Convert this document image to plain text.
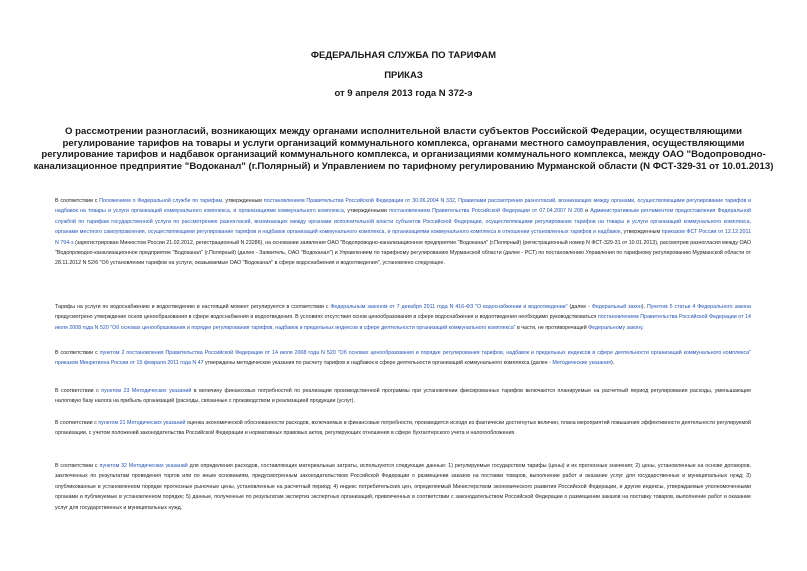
ФЕДЕРАЛЬНАЯ СЛУЖБА ПО ТАРИФАМ
ПРИКАЗ
от 9 апреля 2013 года N 372-э
О рассмотрении разногласий, возникающих между органами исполнительной власти субъектов Российской Федерации, осуществляющими регулирование тарифов на товары и услуги организаций коммунального комплекса, органами местного самоуправления, осуществляющими регулирование тарифов и надбавок организаций коммунального комплекса, и организациями коммунального комплекса, между ОАО "Водопроводно-канализационное предприятие "Водоканал" (г.Полярный) и Управлением по тарифному регулированию Мурманской области (N ФСТ-329-31 от 10.01.2013)

В соответствии с Положением о Федеральной службе по тарифам, утвержденным постановлением Правительства Российской Федерации от 30.06.2004 N 332, Правилами рассмотрения разногласий, возникающих между органами, осуществляющими регулирование тарифов и надбавок на товары и услуги организаций коммунального комплекса, и организациями коммунального комплекса, утвержденными постановлением Правительства Российской Федерации от 07.04.2007 N 208 и Административным регламентом предоставления Федеральной службой по тарифам государственной услуги по рассмотрению разногласий, возникающих между органами исполнительной власти субъектов Российской Федерации, осуществляющими регулирование тарифов на товары и услуги организаций коммунального комплекса, органами местного самоуправления, осуществляющими регулирование тарифов и надбавок организаций коммунального комплекса, и организациями коммунального комплекса в отношении установленных тарифов и надбавок, утвержденным приказом ФСТ России от 12.12.2011 N 794-э (зарегистрирован Минюстом России 21.02.2012, регистрационный N 23286), на основании заявления ОАО "Водопроводно-канализационное предприятие "Водоканал" (г.Полярный) (регистрационный номер N ФСТ-329-31 от 10.01.2013), рассмотрев разногласия между ОАО "Водопроводно-канализационное предприятие "Водоканал" (г.Полярный) (далее - Заявитель, ОАО "Водоканал") и Управлением по тарифному регулированию Мурманской области (далее - РСТ) по постановлению Управления по тарифному регулированию Мурманской области от 28.11.2012 N 52/6 "Об установлении тарифов на услуги, оказываемые ОАО "Водоканал" в сфере водоснабжения и водоотведения", установлено следующее.

Тарифы на услуги по водоснабжению и водоотведению в настоящий момент регулируются в соответствии с Федеральным законом от 7 декабря 2011 года N 416-ФЗ "О водоснабжении и водоотведении" (далее - Федеральный закон). Пунктом 5 статьи 4 Федерального закона предусмотрено утверждение основ ценообразования в сфере водоснабжения и водоотведения. В условиях отсутствия основ ценообразования в сфере водоснабжения и водоотведения необходимо руководствоваться постановлением Правительства Российской Федерации от 14 июля 2008 года N 520 "Об основах ценообразования и порядке регулирования тарифов, надбавок и предельных индексов в сфере деятельности организаций коммунального комплекса" в части, не противоречащей Федеральному закону.

В соответствии с пунктом 2 постановления Правительства Российской Федерации от 14 июля 2008 года N 520 "Об основах ценообразования и порядке регулирования тарифов, надбавок и предельных индексов в сфере деятельности организаций коммунального комплекса" приказом Минрегиона России от 15 февраля 2011 года N 47 утверждены методические указания по расчету тарифов и надбавок в сфере деятельности организаций коммунального комплекса (далее - Методические указания).

В соответствии с пунктом 23 Методических указаний в величину финансовых потребностей по реализации производственной программы при установлении фиксированных тарифов включаются планируемые на расчетный период регулирования расходы, уменьшающие налоговую базу налога на прибыль организаций (расходы, связанные с производством и реализацией продукции (услуг).

В соответствии с пунктом 21 Методических указаний оценка экономической обоснованности расходов, включаемых в финансовые потребности, производится исходя из фактически достигнутых величин, плана мероприятий повышения эффективности деятельности регулируемой организации, с учетом положений законодательства Российской Федерации и нормативных правовых актов, регулирующих отношения в сфере бухгалтерского учета и налогообложения.

В соответствии с пунктом 32 Методических указаний для определения расходов, составляющих материальные затраты, используются следующие данные: 1) регулируемые государством тарифы (цены) и их прогнозные значения; 2) цены, установленные на основе договоров, заключенных по результатам проведения торгов или по иным основаниям, предусмотренным законодательством Российской Федерации о размещении заказов на поставки товаров, выполнение работ и оказание услуг для государственных и муниципальных нужд; 3) опубликованные в установленном порядке прогнозные рыночные цены, установленные на расчетный период; 4) индекс потребительских цен, определяемый Министерством экономического развития Российской Федерации, и другие индексы, утверждаемые уполномоченными органами и публикуемые в установленном порядке; 5) данные, полученные по результатам экспертиз экспертных организаций, привлеченных в соответствии с законодательством Российской Федерации о размещении заказов на поставку товаров, выполнение работ и оказание услуг для государственных и муниципальных нужд.
